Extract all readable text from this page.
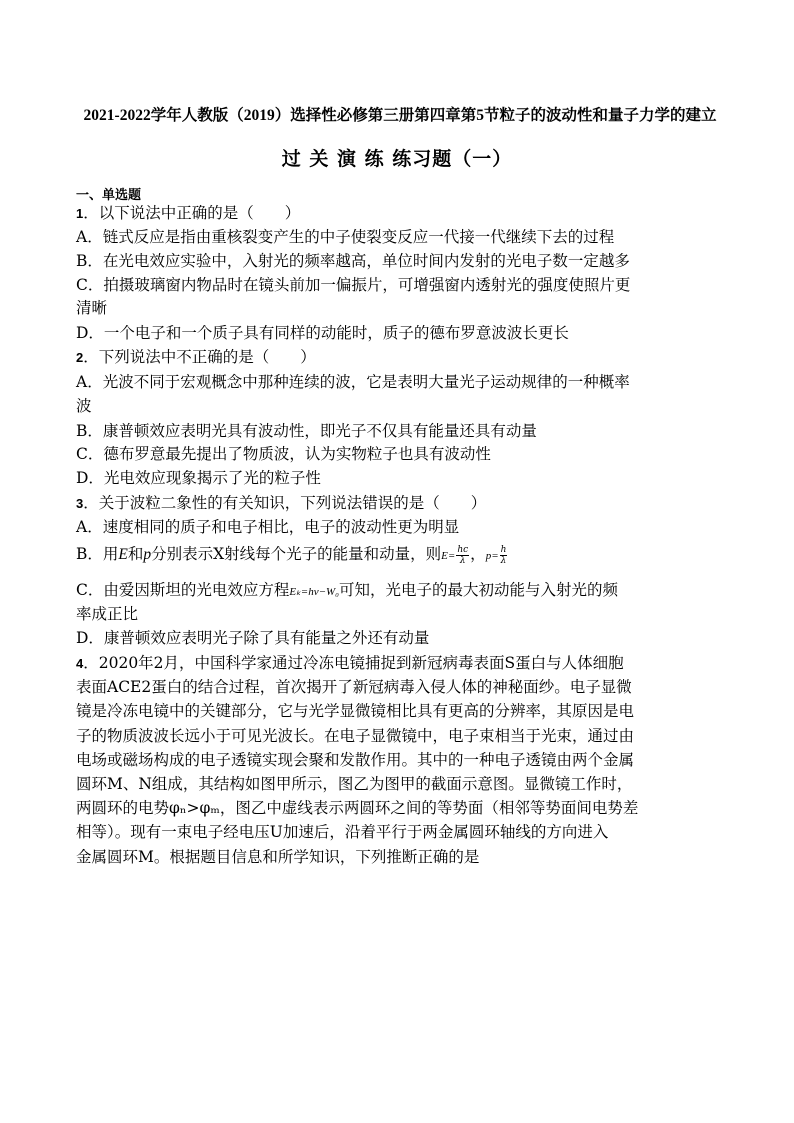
2021-2022学年人教版（2019）选择性必修第三册第四章第5节粒子的波动性和量子力学的建立
过 关 演 练 练习题（一）
一、单选题
1．以下说法中正确的是（　　）
A．链式反应是指由重核裂变产生的中子使裂变反应一代接一代继续下去的过程
B．在光电效应实验中，入射光的频率越高，单位时间内发射的光电子数一定越多
C．拍摄玻璃窗内物品时在镜头前加一偏振片，可增强窗内透射光的强度使照片更
清晰
D．一个电子和一个质子具有同样的动能时，质子的德布罗意波波长更长
2．下列说法中不正确的是（　　）
A．光波不同于宏观概念中那种连续的波，它是表明大量光子运动规律的一种概率
波
B．康普顿效应表明光具有波动性，即光子不仅具有能量还具有动量
C．德布罗意最先提出了物质波，认为实物粒子也具有波动性
D．光电效应现象揭示了光的粒子性
3．关于波粒二象性的有关知识，下列说法错误的是（　　）
A．速度相同的质子和电子相比，电子的波动性更为明显
B．用E和p分别表示X射线每个光子的能量和动量，则$E= \frac{hc}{\lambda}$ ，$p= \frac{h}{\lambda}$
C．由爱因斯坦的光电效应方程Eₖ=hν−W₀可知，光电子的最大初动能与入射光的频
率成正比
D．康普顿效应表明光子除了具有能量之外还有动量
4．2020年2月，中国科学家通过冷冻电镜捕捉到新冠病毒表面S蛋白与人体细胞
表面ACE2蛋白的结合过程，首次揭开了新冠病毒入侵人体的神秘面纱。电子显微
镜是冷冻电镜中的关键部分，它与光学显微镜相比具有更高的分辨率，其原因是电
子的物质波波长远小于可见光波长。在电子显微镜中，电子束相当于光束，通过由
电场或磁场构成的电子透镜实现会聚和发散作用。其中的一种电子透镜由两个金属
圆环M、N组成，其结构如图甲所示，图乙为图甲的截面示意图。显微镜工作时，
两圆环的电势φₙ>φₘ，图乙中虚线表示两圆环之间的等势面（相邻等势面间电势差
相等）。现有一束电子经电压U加速后，沿着平行于两金属圆环轴线的方向进入
金属圆环M。根据题目信息和所学知识，下列推断正确的是
